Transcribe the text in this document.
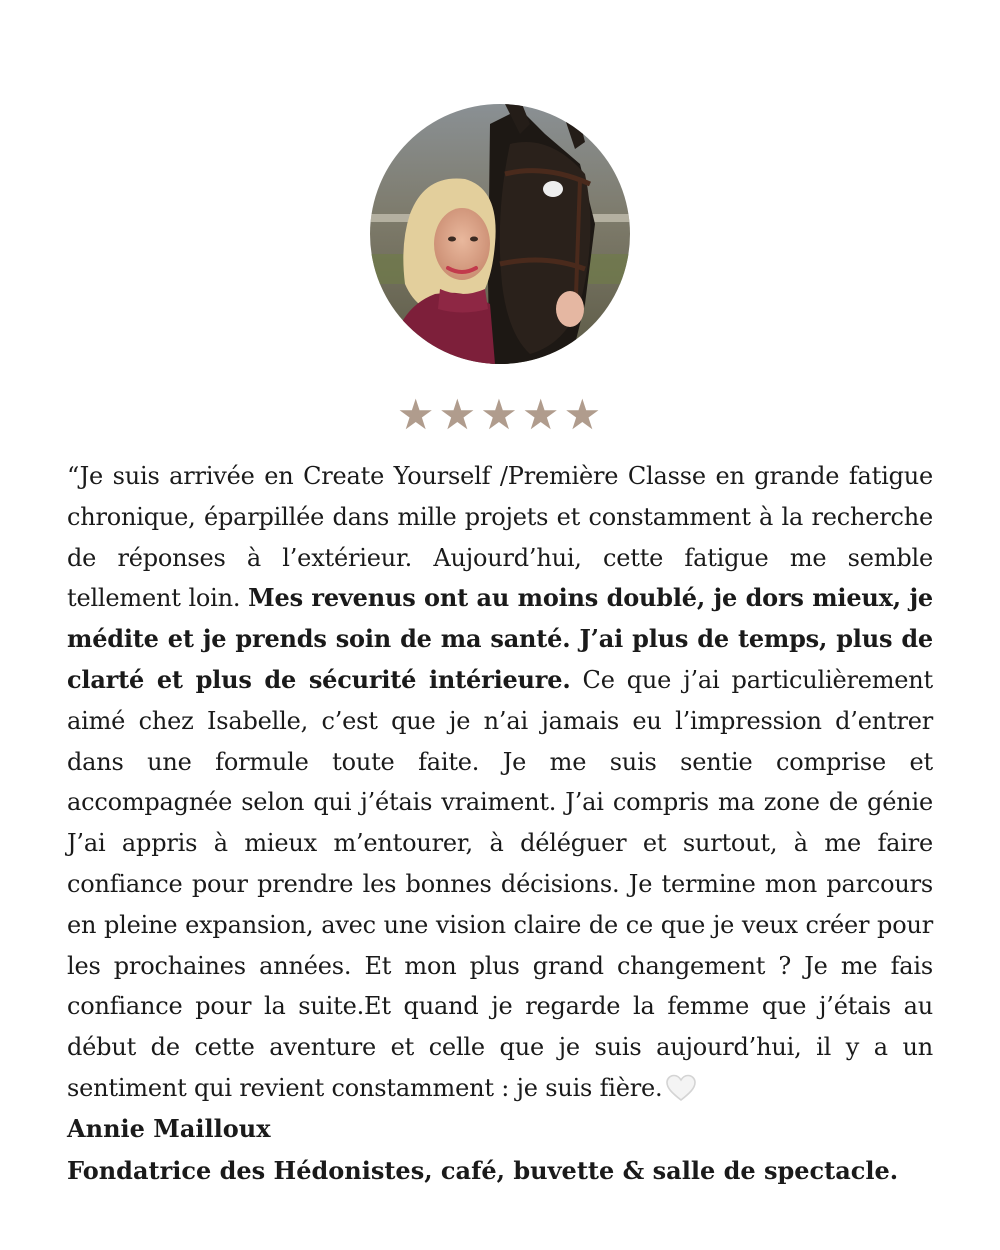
★★★★★

“Je suis arrivée en Create Yourself /Première Classe en grande fatigue chronique, éparpillée dans mille projets et constamment à la recherche de réponses à l’extérieur. Aujourd’hui, cette fatigue me semble tellement loin. Mes revenus ont au moins doublé, je dors mieux, je médite et je prends soin de ma santé. J’ai plus de temps, plus de clarté et plus de sécurité intérieure. Ce que j’ai particulièrement aimé chez Isabelle, c’est que je n’ai jamais eu l’impression d’entrer dans une formule toute faite. Je me suis sentie comprise et accompagnée selon qui j’étais vraiment. J’ai compris ma zone de génie J’ai appris à mieux m’entourer, à déléguer et surtout, à me faire confiance pour prendre les bonnes décisions. Je termine mon parcours en pleine expansion, avec une vision claire de ce que je veux créer pour les prochaines années. Et mon plus grand changement ? Je me fais confiance pour la suite.Et quand je regarde la femme que j’étais au début de cette aventure et celle que je suis aujourd’hui, il y a un sentiment qui revient constamment : je suis fière.

Annie Mailloux
Fondatrice des Hédonistes, café, buvette & salle de spectacle.
